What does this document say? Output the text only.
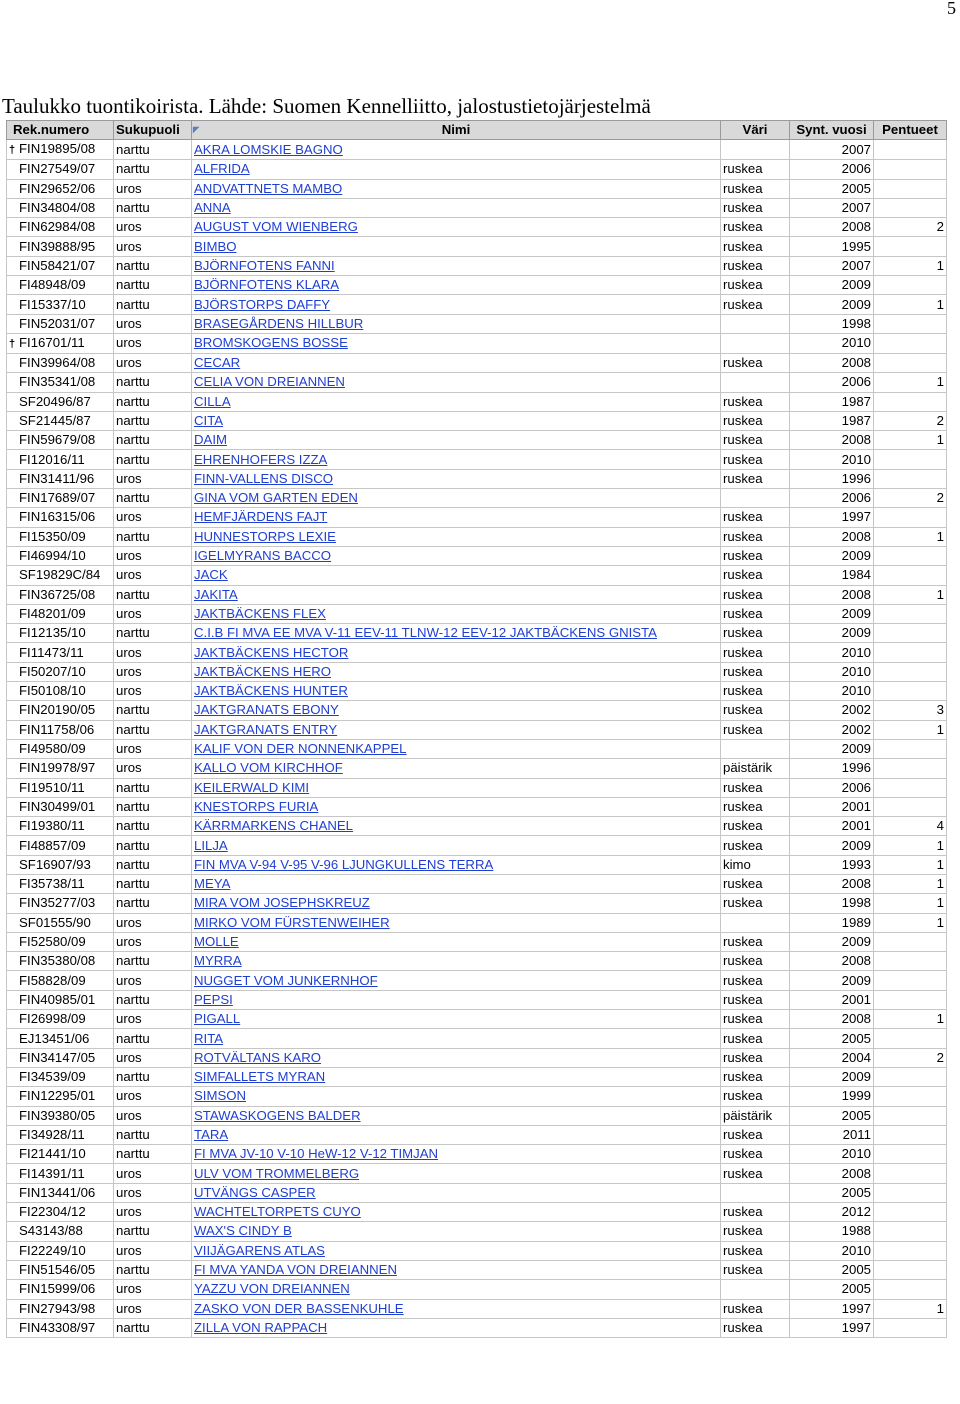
5
Taulukko tuontikoirista. Lähde: Suomen Kennelliitto, jalostustietojärjestelmä
Rek.numero	Sukupuoli	◤ Nimi	Väri	Synt. vuosi	Pentueet
† FIN19895/08	narttu	AKRA LOMSKIE BAGNO		2007	
FIN27549/07	narttu	ALFRIDA	ruskea	2006	
FIN29652/06	uros	ANDVATTNETS MAMBO	ruskea	2005	
FIN34804/08	narttu	ANNA	ruskea	2007	
FIN62984/08	uros	AUGUST VOM WIENBERG	ruskea	2008	2
FIN39888/95	uros	BIMBO	ruskea	1995	
FIN58421/07	narttu	BJÖRNFOTENS FANNI	ruskea	2007	1
FI48948/09	narttu	BJÖRNFOTENS KLARA	ruskea	2009	
FI15337/10	narttu	BJÖRSTORPS DAFFY	ruskea	2009	1
FIN52031/07	uros	BRASEGÅRDENS HILLBUR		1998	
† FI16701/11	uros	BROMSKOGENS BOSSE		2010	
FIN39964/08	uros	CECAR	ruskea	2008	
FIN35341/08	narttu	CELIA VON DREIANNEN		2006	1
SF20496/87	narttu	CILLA	ruskea	1987	
SF21445/87	narttu	CITA	ruskea	1987	2
FIN59679/08	narttu	DAIM	ruskea	2008	1
FI12016/11	narttu	EHRENHOFERS IZZA	ruskea	2010	
FIN31411/96	uros	FINN-VALLENS DISCO	ruskea	1996	
FIN17689/07	narttu	GINA VOM GARTEN EDEN		2006	2
FIN16315/06	uros	HEMFJÄRDENS FAJT	ruskea	1997	
FI15350/09	narttu	HUNNESTORPS LEXIE	ruskea	2008	1
FI46994/10	uros	IGELMYRANS BACCO	ruskea	2009	
SF19829C/84	uros	JACK	ruskea	1984	
FIN36725/08	narttu	JAKITA	ruskea	2008	1
FI48201/09	uros	JAKTBÄCKENS FLEX	ruskea	2009	
FI12135/10	narttu	C.I.B FI MVA EE MVA V-11 EEV-11 TLNW-12 EEV-12 JAKTBÄCKENS GNISTA	ruskea	2009	
FI11473/11	uros	JAKTBÄCKENS HECTOR	ruskea	2010	
FI50207/10	uros	JAKTBÄCKENS HERO	ruskea	2010	
FI50108/10	uros	JAKTBÄCKENS HUNTER	ruskea	2010	
FIN20190/05	narttu	JAKTGRANATS EBONY	ruskea	2002	3
FIN11758/06	narttu	JAKTGRANATS ENTRY	ruskea	2002	1
FI49580/09	uros	KALIF VON DER NONNENKAPPEL		2009	
FIN19978/97	uros	KALLO VOM KIRCHHOF	päistärik	1996	
FI19510/11	narttu	KEILERWALD KIMI	ruskea	2006	
FIN30499/01	narttu	KNESTORPS FURIA	ruskea	2001	
FI19380/11	narttu	KÄRRMARKENS CHANEL	ruskea	2001	4
FI48857/09	narttu	LILJA	ruskea	2009	1
SF16907/93	narttu	FIN MVA V-94 V-95 V-96 LJUNGKULLENS TERRA	kimo	1993	1
FI35738/11	narttu	MEYA	ruskea	2008	1
FIN35277/03	narttu	MIRA VOM JOSEPHSKREUZ	ruskea	1998	1
SF01555/90	uros	MIRKO VOM FÜRSTENWEIHER		1989	1
FI52580/09	uros	MOLLE	ruskea	2009	
FIN35380/08	narttu	MYRRA	ruskea	2008	
FI58828/09	uros	NUGGET VOM JUNKERNHOF	ruskea	2009	
FIN40985/01	narttu	PEPSI	ruskea	2001	
FI26998/09	uros	PIGALL	ruskea	2008	1
EJ13451/06	narttu	RITA	ruskea	2005	
FIN34147/05	uros	ROTVÄLTANS KARO	ruskea	2004	2
FI34539/09	narttu	SIMFALLETS MYRAN	ruskea	2009	
FIN12295/01	uros	SIMSON	ruskea	1999	
FIN39380/05	uros	STAWASKOGENS BALDER	päistärik	2005	
FI34928/11	narttu	TARA	ruskea	2011	
FI21441/10	narttu	FI MVA JV-10 V-10 HeW-12 V-12 TIMJAN	ruskea	2010	
FI14391/11	uros	ULV VOM TROMMELBERG	ruskea	2008	
FIN13441/06	uros	UTVÄNGS CASPER		2005	
FI22304/12	uros	WACHTELTORPETS CUYO	ruskea	2012	
S43143/88	narttu	WAX'S CINDY B	ruskea	1988	
FI22249/10	uros	VIIJÄGARENS ATLAS	ruskea	2010	
FIN51546/05	narttu	FI MVA YANDA VON DREIANNEN	ruskea	2005	
FIN15999/06	uros	YAZZU VON DREIANNEN		2005	
FIN27943/98	uros	ZASKO VON DER BASSENKUHLE	ruskea	1997	1
FIN43308/97	narttu	ZILLA VON RAPPACH	ruskea	1997	
